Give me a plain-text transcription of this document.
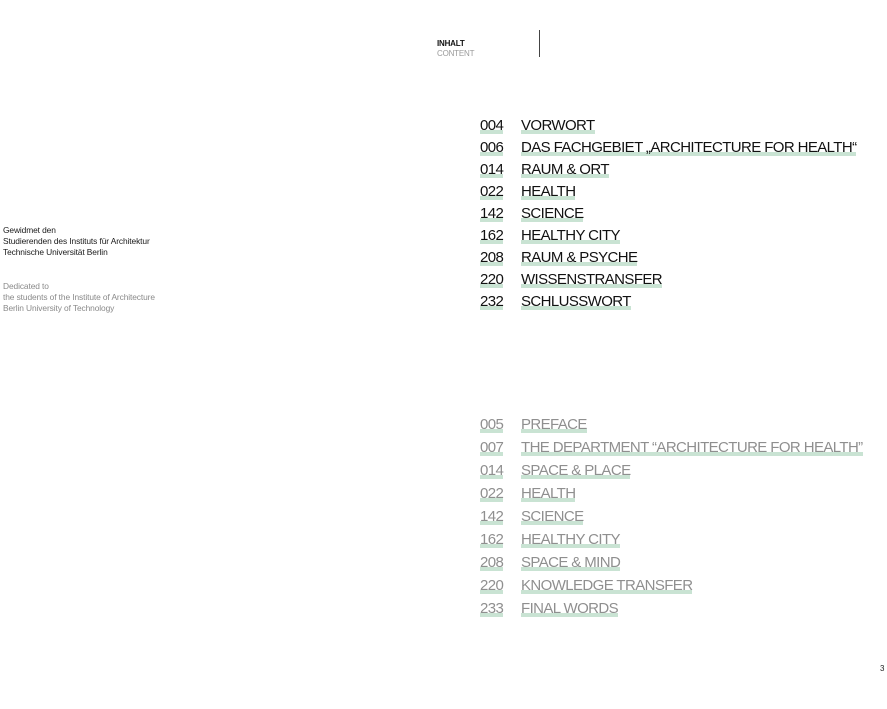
INHALT
CONTENT
Gewidmet den
Studierenden des Instituts für Architektur
Technische Universität Berlin
Dedicated to
the students of the Institute of Architecture
Berlin University of Technology
004	VORWORT
006	DAS FACHGEBIET „ARCHITECTURE FOR HEALTH“
014	RAUM & ORT
022	HEALTH
142	SCIENCE
162	HEALTHY CITY
208	RAUM & PSYCHE
220	WISSENSTRANSFER
232	SCHLUSSWORT
005	PREFACE
007	THE DEPARTMENT “ARCHITECTURE FOR HEALTH”
014	SPACE & PLACE
022	HEALTH
142	SCIENCE
162	HEALTHY CITY
208	SPACE & MIND
220	KNOWLEDGE TRANSFER
233	FINAL WORDS
3
